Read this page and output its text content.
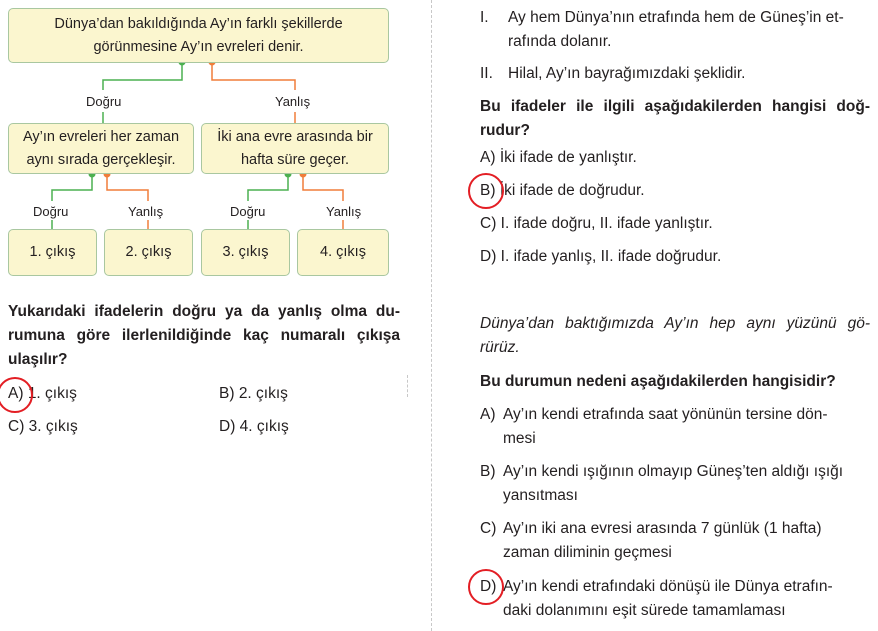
Dünya’dan bakıldığında Ay’ın farklı şekillerde
görünmesine Ay’ın evreleri denir.
Doğru	Yanlış
Ay’ın evreleri her zaman
aynı sırada gerçekleşir.
İki ana evre arasında bir
hafta süre geçer.
Doğru	Yanlış	Doğru	Yanlış
1. çıkış	2. çıkış	3. çıkış	4. çıkış
Yukarıdaki ifadelerin doğru ya da yanlış olma du-
rumuna göre ilerlenildiğinde kaç numaralı çıkışa
ulaşılır?
A) 1. çıkış	B) 2. çıkış
C) 3. çıkış	D) 4. çıkış
I. Ay hem Dünya’nın etrafında hem de Güneş’in et-
rafında dolanır.
II. Hilal, Ay’ın bayrağımızdaki şeklidir.
Bu ifadeler ile ilgili aşağıdakilerden hangisi doğ-
rudur?
A) İki ifade de yanlıştır.
B) İki ifade de doğrudur.
C) I. ifade doğru, II. ifade yanlıştır.
D) I. ifade yanlış, II. ifade doğrudur.
Dünya’dan baktığımızda Ay’ın hep aynı yüzünü gö-
rürüz.
Bu durumun nedeni aşağıdakilerden hangisidir?
A) Ay’ın kendi etrafında saat yönünün tersine dön-
mesi
B) Ay’ın kendi ışığının olmayıp Güneş’ten aldığı ışığı
yansıtması
C) Ay’ın iki ana evresi arasında 7 günlük (1 hafta)
zaman diliminin geçmesi
D) Ay’ın kendi etrafındaki dönüşü ile Dünya etrafın-
daki dolanımını eşit sürede tamamlaması
